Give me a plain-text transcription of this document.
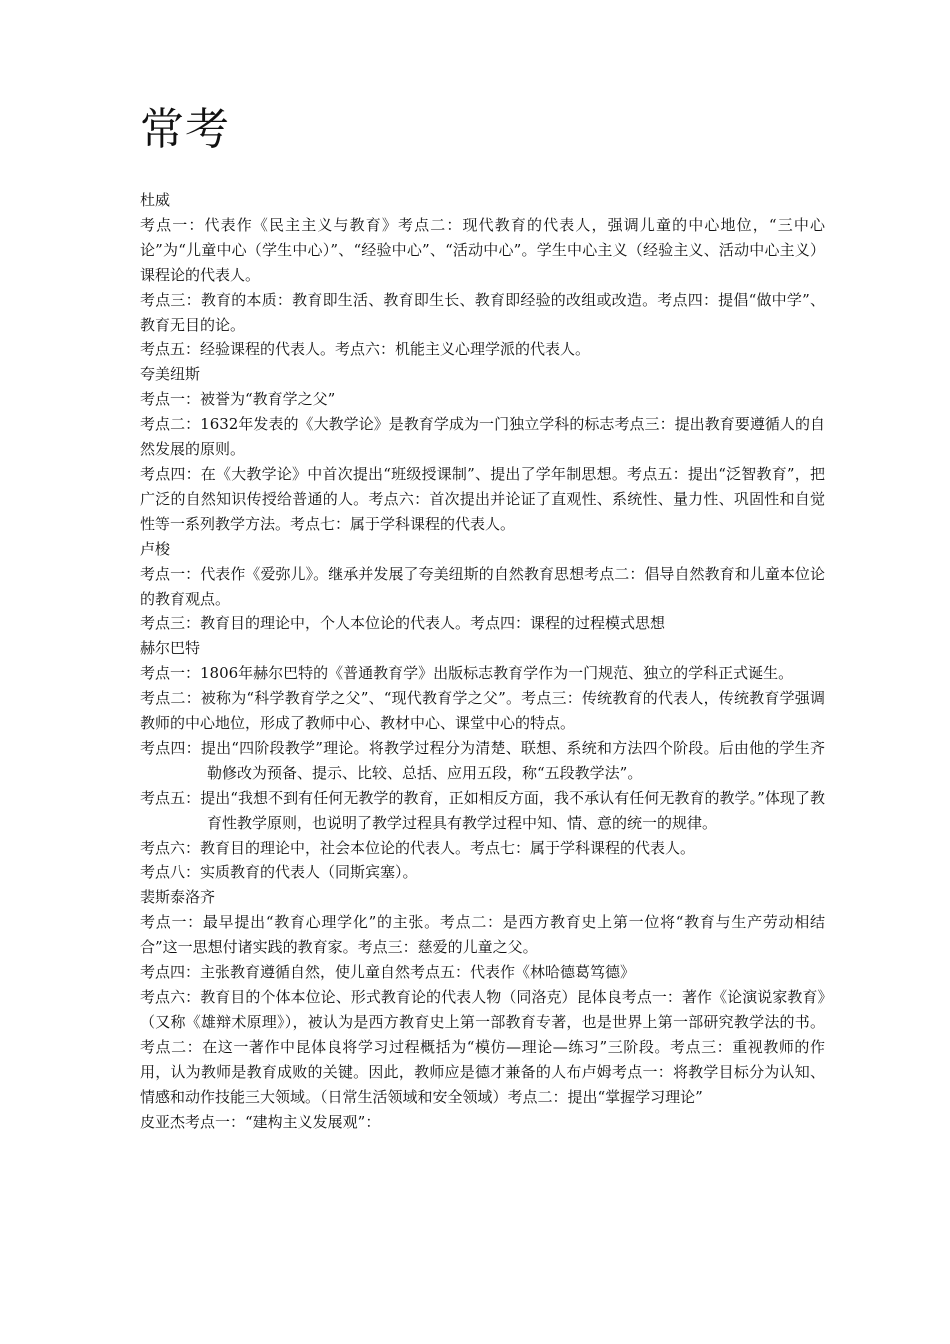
常考

杜威

考点一：代表作《民主主义与教育》考点二：现代教育的代表人，强调儿童的中心地位，“三中心论”为“儿童中心（学生中心）”、“经验中心”、“活动中心”。学生中心主义（经验主义、活动中心主义）课程论的代表人。

考点三：教育的本质：教育即生活、教育即生长、教育即经验的改组或改造。考点四：提倡“做中学”、教育无目的论。

考点五：经验课程的代表人。考点六：机能主义心理学派的代表人。

夸美纽斯

考点一：被誉为“教育学之父”

考点二：1632年发表的《大教学论》是教育学成为一门独立学科的标志考点三：提出教育要遵循人的自然发展的原则。

考点四：在《大教学论》中首次提出“班级授课制”、提出了学年制思想。考点五：提出“泛智教育”，把广泛的自然知识传授给普通的人。考点六：首次提出并论证了直观性、系统性、量力性、巩固性和自觉性等一系列教学方法。考点七：属于学科课程的代表人。

卢梭

考点一：代表作《爱弥儿》。继承并发展了夸美纽斯的自然教育思想考点二：倡导自然教育和儿童本位论的教育观点。

考点三：教育目的理论中，个人本位论的代表人。考点四：课程的过程模式思想

赫尔巴特

考点一：1806年赫尔巴特的《普通教育学》出版标志教育学作为一门规范、独立的学科正式诞生。

考点二：被称为“科学教育学之父”、“现代教育学之父”。考点三：传统教育的代表人，传统教育学强调教师的中心地位，形成了教师中心、教材中心、课堂中心的特点。

考点四：提出“四阶段教学”理论。将教学过程分为清楚、联想、系统和方法四个阶段。后由他的学生齐勒修改为预备、提示、比较、总括、应用五段，称“五段教学法”。

考点五：提出“我想不到有任何无教学的教育，正如相反方面，我不承认有任何无教育的教学。”体现了教育性教学原则，也说明了教学过程具有教学过程中知、情、意的统一的规律。

考点六：教育目的理论中，社会本位论的代表人。考点七：属于学科课程的代表人。

考点八：实质教育的代表人（同斯宾塞）。

裴斯泰洛齐

考点一：最早提出“教育心理学化”的主张。考点二：是西方教育史上第一位将“教育与生产劳动相结合”这一思想付诸实践的教育家。考点三：慈爱的儿童之父。

考点四：主张教育遵循自然，使儿童自然考点五：代表作《林哈德葛笃德》

考点六：教育目的个体本位论、形式教育论的代表人物（同洛克）昆体良考点一：著作《论演说家教育》（又称《雄辩术原理》），被认为是西方教育史上第一部教育专著，也是世界上第一部研究教学法的书。考点二：在这一著作中昆体良将学习过程概括为“模仿—理论—练习”三阶段。考点三：重视教师的作用，认为教师是教育成败的关键。因此，教师应是德才兼备的人布卢姆考点一：将教学目标分为认知、情感和动作技能三大领域。（日常生活领域和安全领域）考点二：提出“掌握学习理论”

皮亚杰考点一：“建构主义发展观”：
